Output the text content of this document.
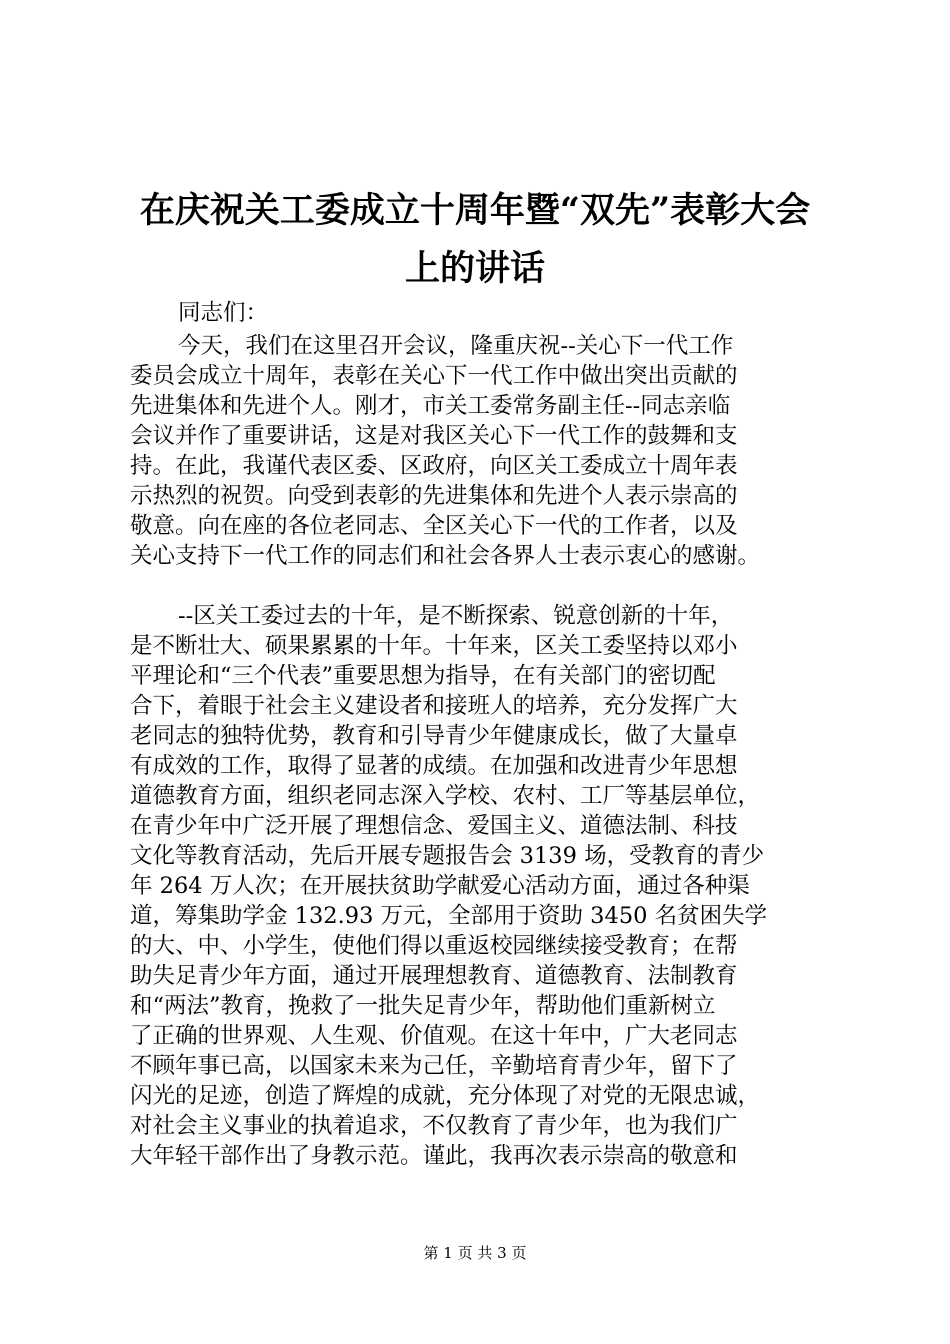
在庆祝关工委成立十周年暨“双先”表彰大会
上的讲话

同志们：

今天，我们在这里召开会议，隆重庆祝--关心下一代工作

委员会成立十周年，表彰在关心下一代工作中做出突出贡献的

先进集体和先进个人。刚才，市关工委常务副主任--同志亲临

会议并作了重要讲话，这是对我区关心下一代工作的鼓舞和支

持。在此，我谨代表区委、区政府，向区关工委成立十周年表

示热烈的祝贺。向受到表彰的先进集体和先进个人表示崇高的

敬意。向在座的各位老同志、全区关心下一代的工作者，以及

关心支持下一代工作的同志们和社会各界人士表示衷心的感谢。

--区关工委过去的十年，是不断探索、锐意创新的十年，

是不断壮大、硕果累累的十年。十年来，区关工委坚持以邓小

平理论和“三个代表”重要思想为指导，在有关部门的密切配

合下，着眼于社会主义建设者和接班人的培养，充分发挥广大

老同志的独特优势，教育和引导青少年健康成长，做了大量卓

有成效的工作，取得了显著的成绩。在加强和改进青少年思想

道德教育方面，组织老同志深入学校、农村、工厂等基层单位，

在青少年中广泛开展了理想信念、爱国主义、道德法制、科技

文化等教育活动，先后开展专题报告会 3139 场，受教育的青少

年 264 万人次；在开展扶贫助学献爱心活动方面，通过各种渠

道，筹集助学金 132.93 万元，全部用于资助 3450 名贫困失学

的大、中、小学生，使他们得以重返校园继续接受教育；在帮

助失足青少年方面，通过开展理想教育、道德教育、法制教育

和“两法”教育，挽救了一批失足青少年，帮助他们重新树立

了正确的世界观、人生观、价值观。在这十年中，广大老同志

不顾年事已高，以国家未来为己任，辛勤培育青少年，留下了

闪光的足迹，创造了辉煌的成就，充分体现了对党的无限忠诚，

对社会主义事业的执着追求，不仅教育了青少年，也为我们广

大年轻干部作出了身教示范。谨此，我再次表示崇高的敬意和

第 1 页 共 3 页
